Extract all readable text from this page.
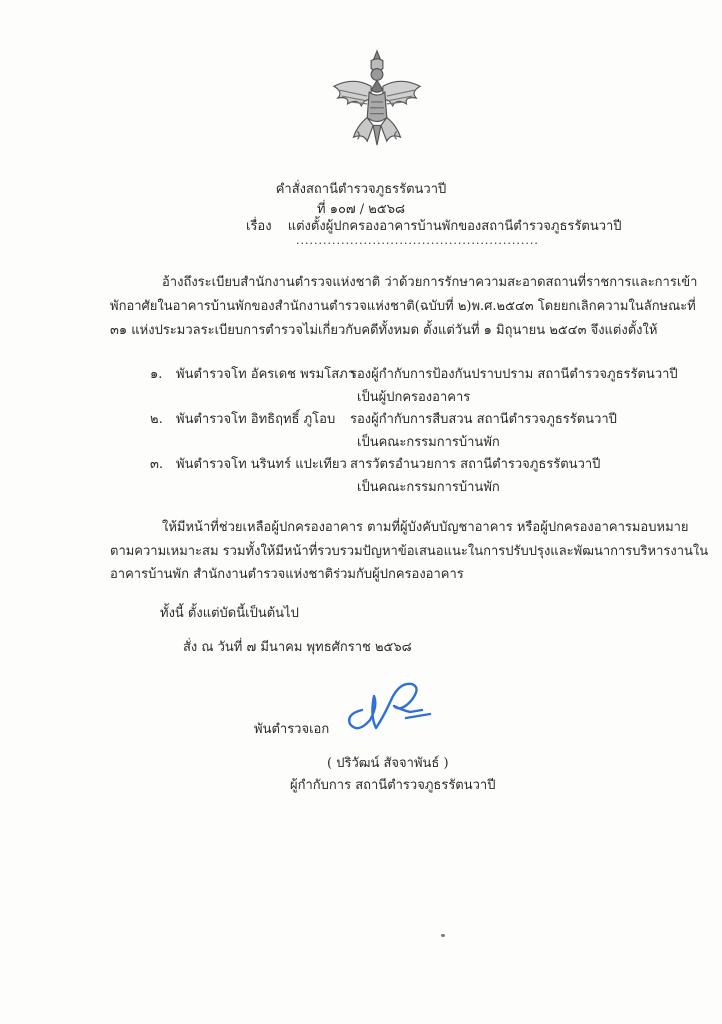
คำสั่งสถานีตำรวจภูธรรัตนวาปี
ที่ ๑๐๗ / ๒๕๖๘
เรื่อง แต่งตั้งผู้ปกครองอาคารบ้านพักของสถานีตำรวจภูธรรัตนวาปี
......................................................
อ้างถึงระเบียบสำนักงานตำรวจแห่งชาติ ว่าด้วยการรักษาความสะอาดสถานที่ราชการและการเข้า
พักอาศัยในอาคารบ้านพักของสำนักงานตำรวจแห่งชาติ(ฉบับที่ ๒)พ.ศ.๒๕๔๓ โดยยกเลิกความในลักษณะที่
๓๑ แห่งประมวลระเบียบการตำรวจไม่เกี่ยวกับคดีทั้งหมด ตั้งแต่วันที่ ๑ มิถุนายน ๒๕๔๓ จึงแต่งตั้งให้
๑. พันตำรวจโท อัครเดช พรมโสภา
รองผู้กำกับการป้องกันปราบปราม สถานีตำรวจภูธรรัตนวาปี
เป็นผู้ปกครองอาคาร
๒. พันตำรวจโท อิทธิฤทธิ์ ภูโอบ รองผู้กำกับการสืบสวน สถานีตำรวจภูธรรัตนวาปี
เป็นคณะกรรมการบ้านพัก
๓. พันตำรวจโท นรินทร์ แปะเทียว สารวัตรอำนวยการ สถานีตำรวจภูธรรัตนวาปี
เป็นคณะกรรมการบ้านพัก
ให้มีหน้าที่ช่วยเหลือผู้ปกครองอาคาร ตามที่ผู้บังคับบัญชาอาคาร หรือผู้ปกครองอาคารมอบหมาย
ตามความเหมาะสม รวมทั้งให้มีหน้าที่รวบรวมปัญหาข้อเสนอแนะในการปรับปรุงและพัฒนาการบริหารงานใน
อาคารบ้านพัก สำนักงานตำรวจแห่งชาติร่วมกับผู้ปกครองอาคาร
ทั้งนี้ ตั้งแต่บัดนี้เป็นต้นไป
สั่ง ณ วันที่ ๗ มีนาคม พุทธศักราช ๒๕๖๘
พันตำรวจเอก
( ปริวัฒน์ สัจจาพันธ์ )
ผู้กำกับการ สถานีตำรวจภูธรรัตนวาปี
